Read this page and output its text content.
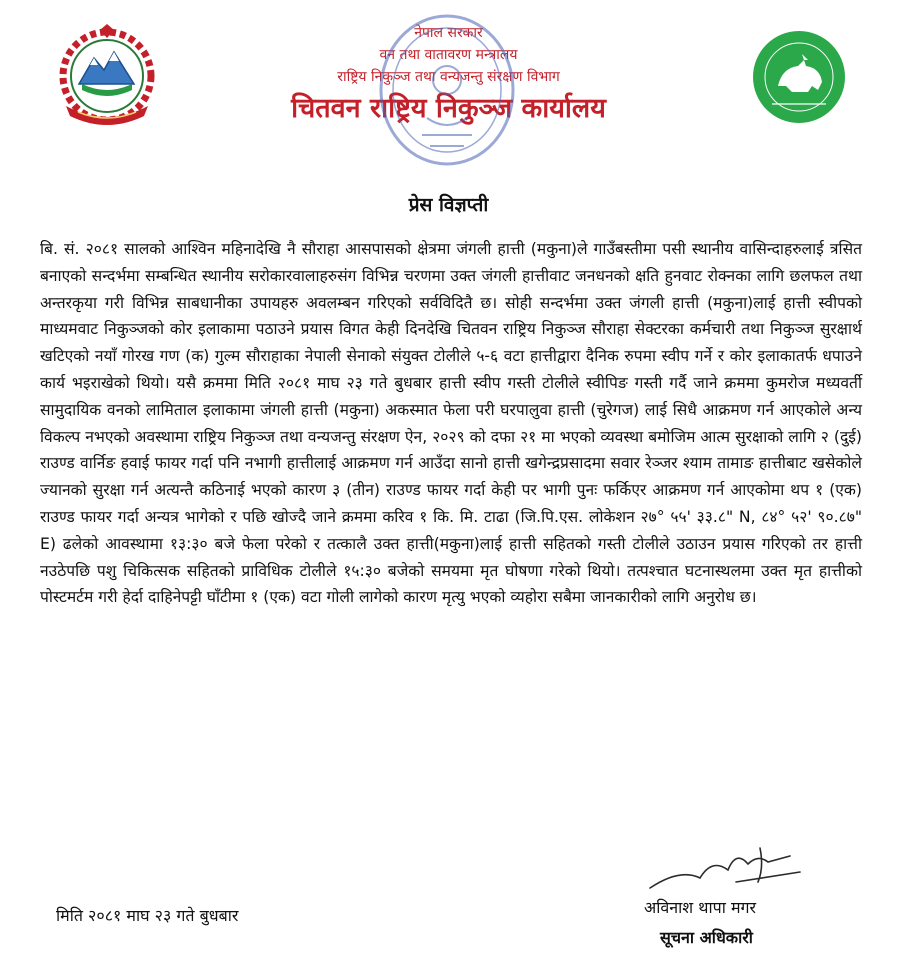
नेपाल सरकार
वन तथा वातावरण मन्त्रालय
राष्ट्रिय निकुञ्ज तथा वन्यजन्तु संरक्षण विभाग
चितवन राष्ट्रिय निकुञ्ज कार्यालय
प्रेस विज्ञप्ती

बि. सं. २०८१ सालको आश्विन महिनादेखि नै सौराहा आसपासको क्षेत्रमा जंगली हात्ती (मकुना)ले गाउँबस्तीमा पसी स्थानीय वासिन्दाहरुलाई त्रसित बनाएको सन्दर्भमा सम्बन्धित स्थानीय सरोकारवालाहरुसंग विभिन्न चरणमा उक्त जंगली हात्तीवाट जनधनको क्षति हुनवाट रोक्नका लागि छलफल तथा अन्तरकृया गरी विभिन्न साबधानीका उपायहरु अवलम्बन गरिएको सर्वविदितै छ। सोही सन्दर्भमा उक्त जंगली हात्ती (मकुना)लाई हात्ती स्वीपको माध्यमवाट निकुञ्जको कोर इलाकामा पठाउने प्रयास विगत केही दिनदेखि चितवन राष्ट्रिय निकुञ्ज सौराहा सेक्टरका कर्मचारी तथा निकुञ्ज सुरक्षार्थ खटिएको नयाँ गोरख गण (क) गुल्म सौराहाका नेपाली सेनाको संयुक्त टोलीले ५-६ वटा हात्तीद्वारा दैनिक रुपमा स्वीप गर्ने र कोर इलाकातर्फ धपाउने कार्य भइराखेको थियो। यसै क्रममा मिति २०८१ माघ २३ गते बुधबार हात्ती स्वीप गस्ती टोलीले स्वीपिङ गस्ती गर्दै जाने क्रममा कुमरोज मध्यवर्ती सामुदायिक वनको लामिताल इलाकामा जंगली हात्ती (मकुना) अकस्मात फेला परी घरपालुवा हात्ती (चुरेगज) लाई सिधै आक्रमण गर्न आएकोले अन्य विकल्प नभएको अवस्थामा राष्ट्रिय निकुञ्ज तथा वन्यजन्तु संरक्षण ऐन, २०२९ को दफा २१ मा भएको व्यवस्था बमोजिम आत्म सुरक्षाको लागि २ (दुई) राउण्ड वार्निङ हवाई फायर गर्दा पनि नभागी हात्तीलाई आक्रमण गर्न आउँदा सानो हात्ती खगेन्द्रप्रसादमा सवार रेञ्जर श्याम तामाङ हात्तीबाट खसेकोले ज्यानको सुरक्षा गर्न अत्यन्तै कठिनाई भएको कारण ३ (तीन) राउण्ड फायर गर्दा केही पर भागी पुनः फर्किएर आक्रमण गर्न आएकोमा थप १ (एक) राउण्ड फायर गर्दा अन्यत्र भागेको र पछि खोज्दै जाने क्रममा करिव १ कि. मि. टाढा (जि.पि.एस. लोकेशन २७° ५५' ३३.८" N, ८४° ५२' ९०.८७" E) ढलेको आवस्थामा १३:३० बजे फेला परेको र तत्कालै उक्त हात्ती(मकुना)लाई हात्ती सहितको गस्ती टोलीले उठाउन प्रयास गरिएको तर हात्ती नउठेपछि पशु चिकित्सक सहितको प्राविधिक टोलीले १५:३० बजेको समयमा मृत घोषणा गरेको थियो। तत्पश्चात घटनास्थलमा उक्त मृत हात्तीको पोस्टमर्टम गरी हेर्दा दाहिनेपट्टी घाँटीमा १ (एक) वटा गोली लागेको कारण मृत्यु भएको व्यहोरा सबैमा जानकारीको लागि अनुरोध छ।

मिति २०८१ माघ २३ गते बुधबार	अविनाश थापा मगर
सूचना अधिकारी
